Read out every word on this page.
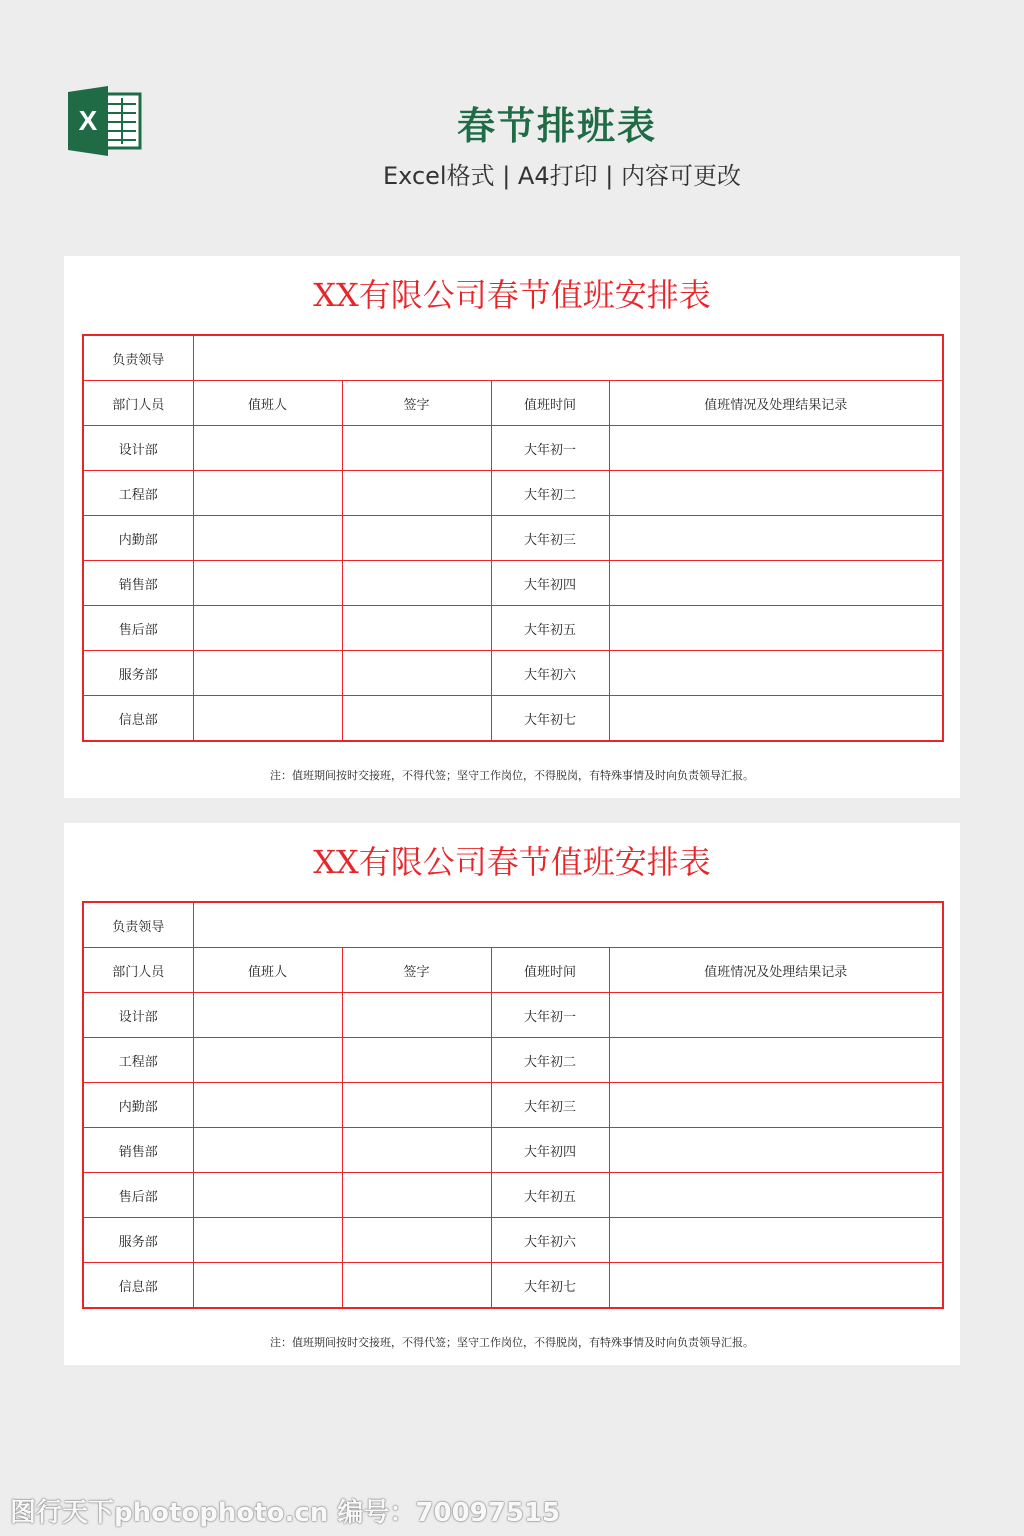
X	春节排班表
Excel格式 | A4打印 | 内容可更改
XX有限公司春节值班安排表
负责领导				
部门人员	值班人	签字	值班时间	值班情况及处理结果记录
设计部			大年初一	
工程部			大年初二	
内勤部			大年初三	
销售部			大年初四	
售后部			大年初五	
服务部			大年初六	
信息部			大年初七	
注：值班期间按时交接班，不得代签；坚守工作岗位，不得脱岗，有特殊事情及时向负责领导汇报。
XX有限公司春节值班安排表
负责领导				
部门人员	值班人	签字	值班时间	值班情况及处理结果记录
设计部			大年初一	
工程部			大年初二	
内勤部			大年初三	
销售部			大年初四	
售后部			大年初五	
服务部			大年初六	
信息部			大年初七	
注：值班期间按时交接班，不得代签；坚守工作岗位，不得脱岗，有特殊事情及时向负责领导汇报。
图行天下photophoto.cn 编号：70097515
